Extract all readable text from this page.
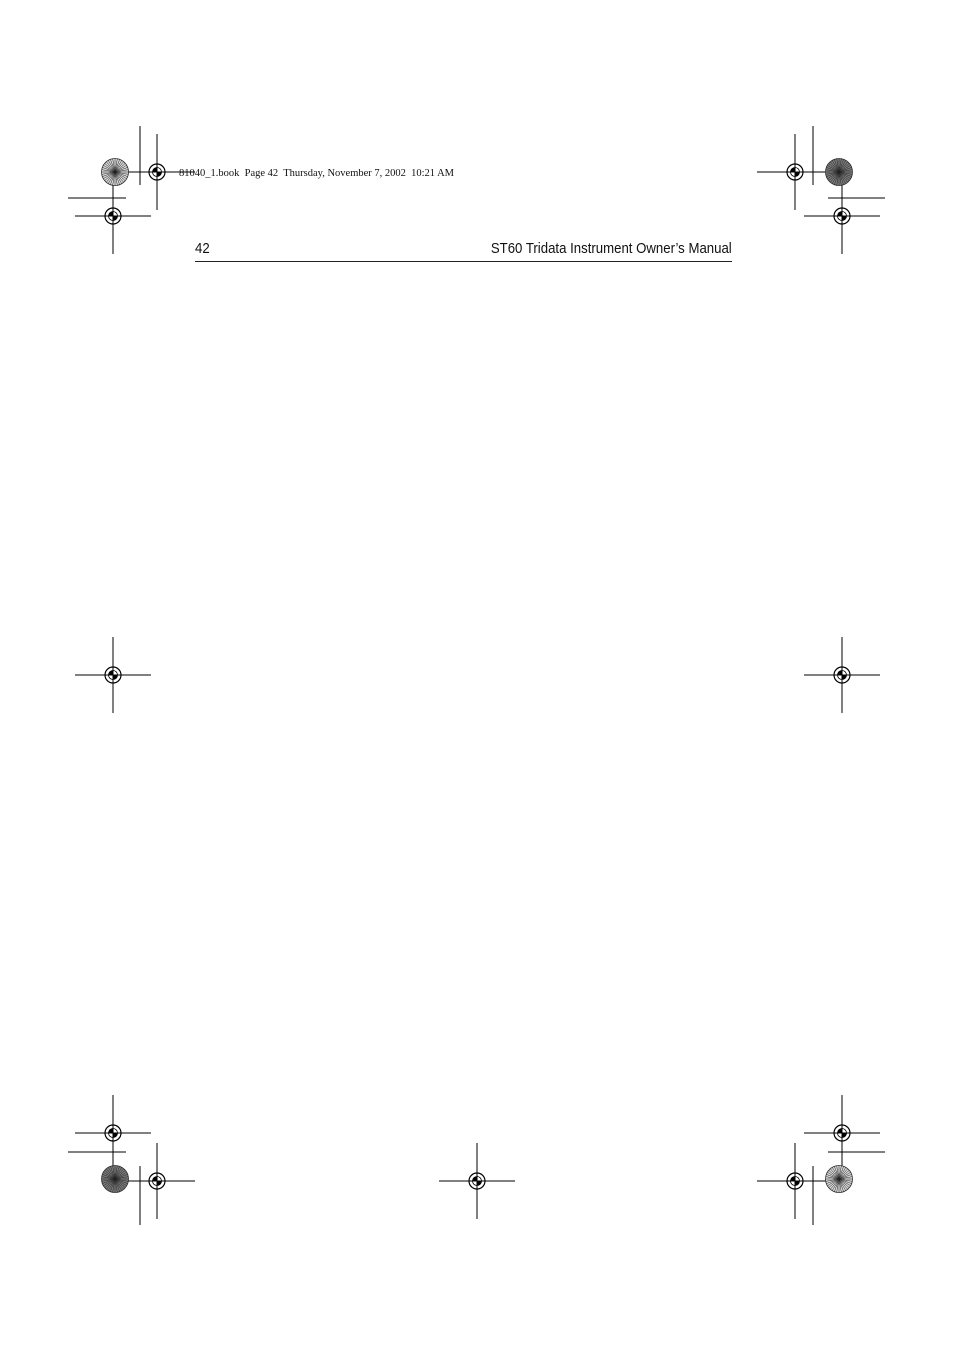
81040_1.book  Page 42  Thursday, November 7, 2002  10:21 AM
42	ST60 Tridata Instrument Owner’s Manual
